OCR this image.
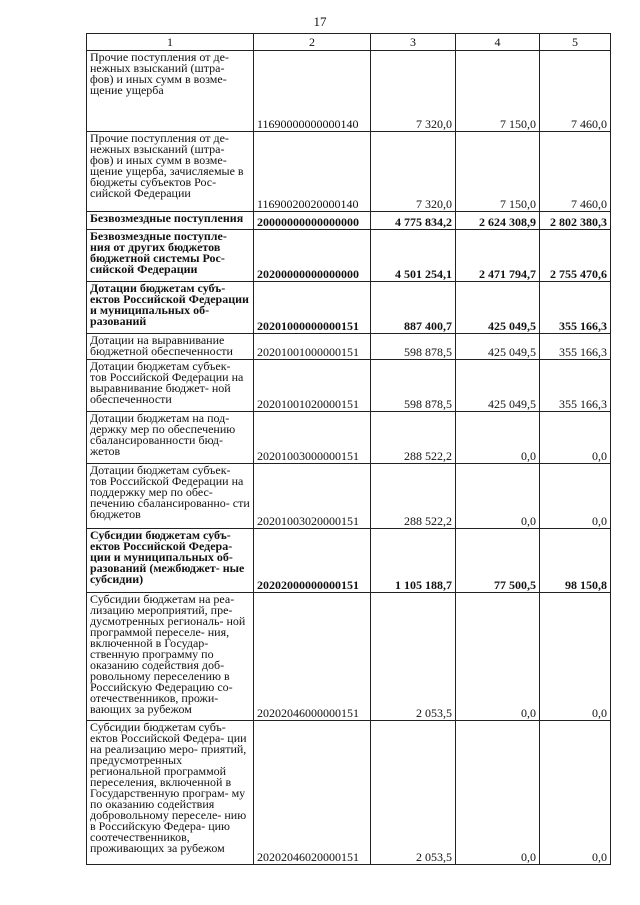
17
1	2	3	4	5
Прочие поступления от де- нежных взысканий (штра- фов) и иных сумм в возме- щение ущерба	11690000000000140	7 320,0	7 150,0	7 460,0
Прочие поступления от де- нежных взысканий (штра- фов) и иных сумм в возме- щение ущерба, зачисляемые в бюджеты субъектов Рос- сийской Федерации	11690020020000140	7 320,0	7 150,0	7 460,0
Безвозмездные поступления	20000000000000000	4 775 834,2	2 624 308,9	2 802 380,3
Безвозмездные поступле- ния от других бюджетов бюджетной системы Рос- сийской Федерации	20200000000000000	4 501 254,1	2 471 794,7	2 755 470,6
Дотации бюджетам субъ- ектов Российской Федерации и муниципальных об- разований	20201000000000151	887 400,7	425 049,5	355 166,3
Дотации на выравнивание бюджетной обеспеченности	20201001000000151	598 878,5	425 049,5	355 166,3
Дотации бюджетам субъек- тов Российской Федерации на выравнивание бюджет- ной обеспеченности	20201001020000151	598 878,5	425 049,5	355 166,3
Дотации бюджетам на под- держку мер по обеспечению сбалансированности бюд- жетов	20201003000000151	288 522,2	0,0	0,0
Дотации бюджетам субъек- тов Российской Федерации на поддержку мер по обес- печению сбалансированно- сти бюджетов	20201003020000151	288 522,2	0,0	0,0
Субсидии бюджетам субъ- ектов Российской Федера- ции и муниципальных об- разований (межбюджет- ные субсидии)	20202000000000151	1 105 188,7	77 500,5	98 150,8
Субсидии бюджетам на реа- лизацию мероприятий, пре- дусмотренных региональ- ной программой переселе- ния, включенной в Государ- ственную программу по оказанию содействия доб- ровольному переселению в Российскую Федерацию со- отечественников, прожи- вающих за рубежом	20202046000000151	2 053,5	0,0	0,0
Субсидии бюджетам субъ- ектов Российской Федера- ции на реализацию меро- приятий, предусмотренных региональной программой переселения, включенной в Государственную програм- му по оказанию содействия добровольному переселе- нию в Российскую Федера- цию соотечественников, проживающих за рубежом	20202046020000151	2 053,5	0,0	0,0
